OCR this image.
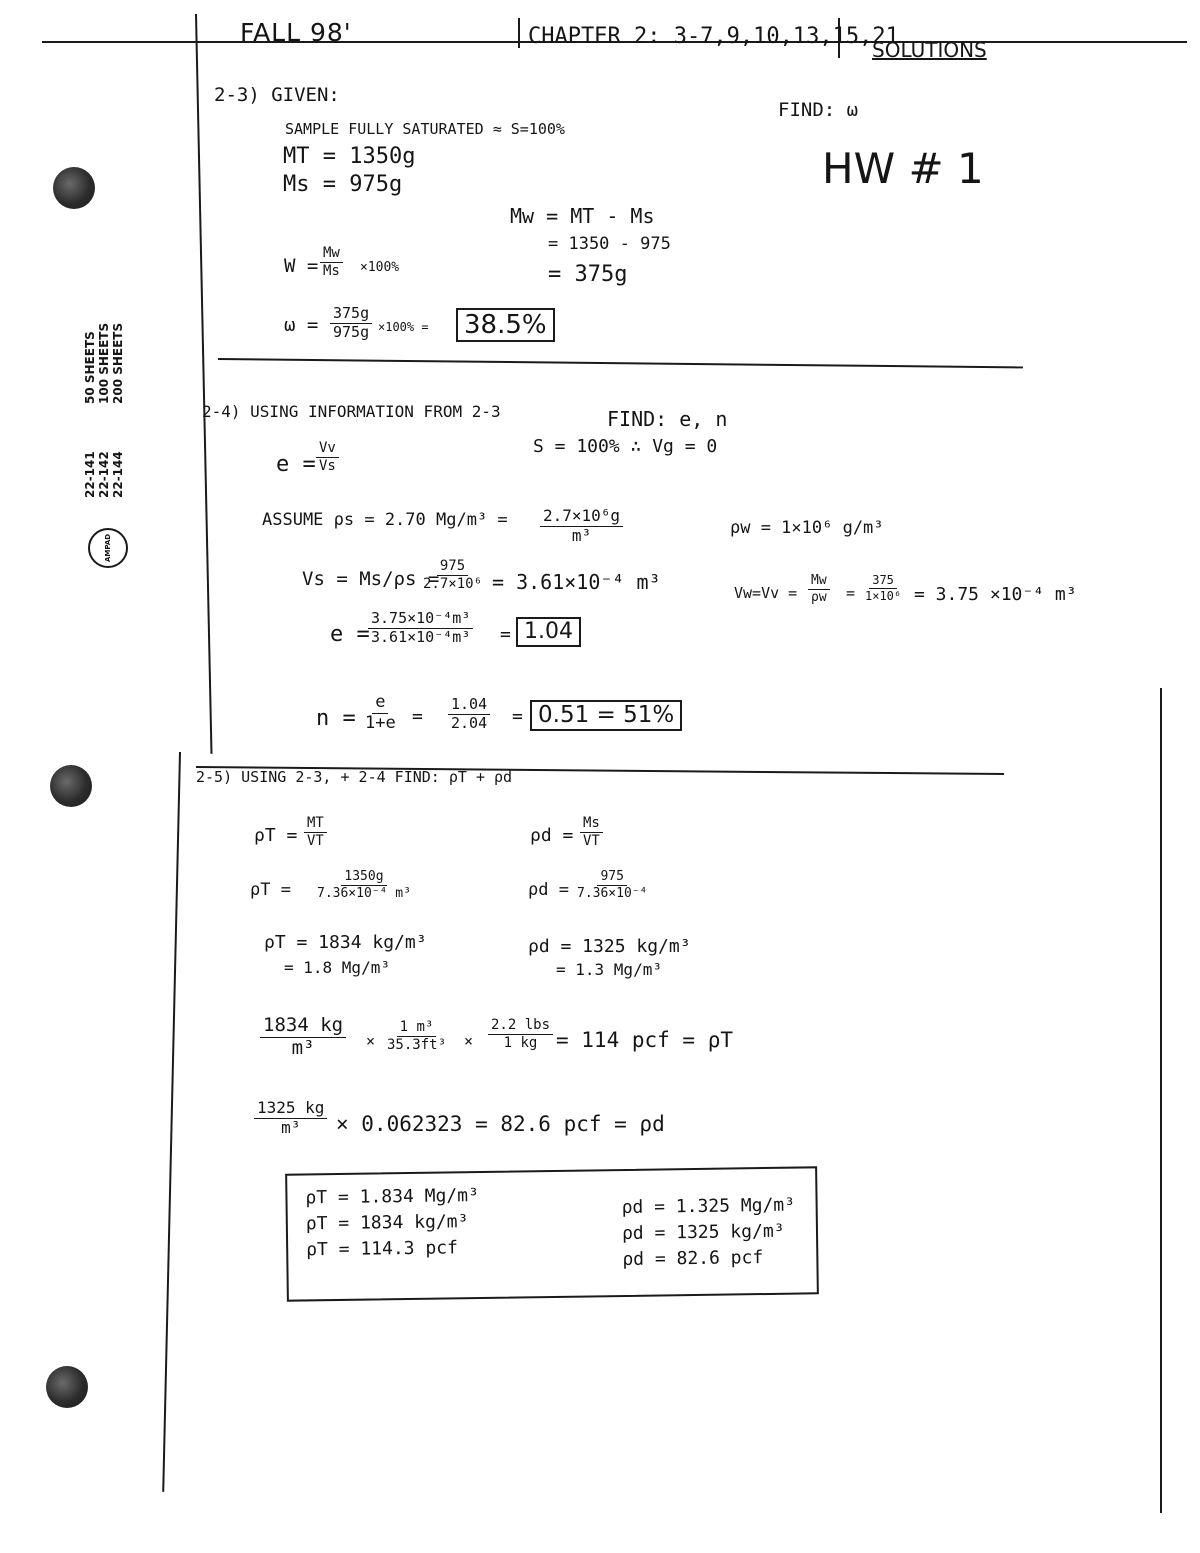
22-141 22-142 22-144
50 SHEETS 100 SHEETS 200 SHEETS
AMPAD
FALL 98'	CHAPTER 2: 3-7,9,10,13,15,21
SOLUTIONS
2-3) GIVEN:
FIND: ω
HW # 1
SAMPLE FULLY SATURATED ≈ S=100%
MT = 1350g
Ms = 975g
Mw = MT - Ms
= 1350 - 975
= 375g
$W = \frac{Mw}{Ms} \times 100\%$
$\omega = \frac{375g}{975g} \times 100\%$ =	38.5%
2-4) USING INFORMATION FROM 2-3	FIND: e, n
S = 100% ∴ Vg = 0
$e = \frac{Vv}{Vs}$
ASSUME ρs = 2.70 $Mg/m^3 = \frac{\text{2.7×10⁶g}}{\text{m³}}$	ρw = 1×10⁶ g/m³
Vs = Ms/ρs =
$\frac{975}{\text{2.7×10⁶}} = 3.61\times 10^{-4}$ m³	$Vw=Vv = \frac{Mw}{\rho w} = \frac{375}{\text{1×10⁶}} = 3.75 \times 10^{-4}$ m³
e =
$\frac{\text{3.75×10⁻⁴m³}}{\text{3.61×10⁻⁴m³}} = 1.04$
$n = \frac{e}{1+e} = \frac{1.04}{2.04} = 0.51 = 51\%$
2-5) USING 2-3, + 2-4 FIND: ρT + ρd
$\rho T = \frac{MT}{VT}$	$\rho d = \frac{Ms}{VT}$
$\rho T = \frac{1350g}{\text{7.36×10⁻⁴ m³}}$	$\rho d = \frac{975}{\text{7.36×10⁻⁴}}$
ρT = 1834 kg/m³
= 1.8 Mg/m³
ρd = 1325 kg/m³
= 1.3 Mg/m³
$\frac{1834 kg}{\text{m³}} \times \frac{\text{1 m³}}{\text{35.3ft³}}$ ×
2.2 lbs
1 kg = 114 pcf = ρT
$\frac{1325 kg}{\text{m³}} \times 0.062323 = 82.6$ pcf = ρd
ρT = 1.834 Mg/m³
ρT = 1834 kg/m³
ρT = 114.3 pcf
ρd = 1.325 Mg/m³
ρd = 1325 kg/m³
ρd = 82.6 pcf
